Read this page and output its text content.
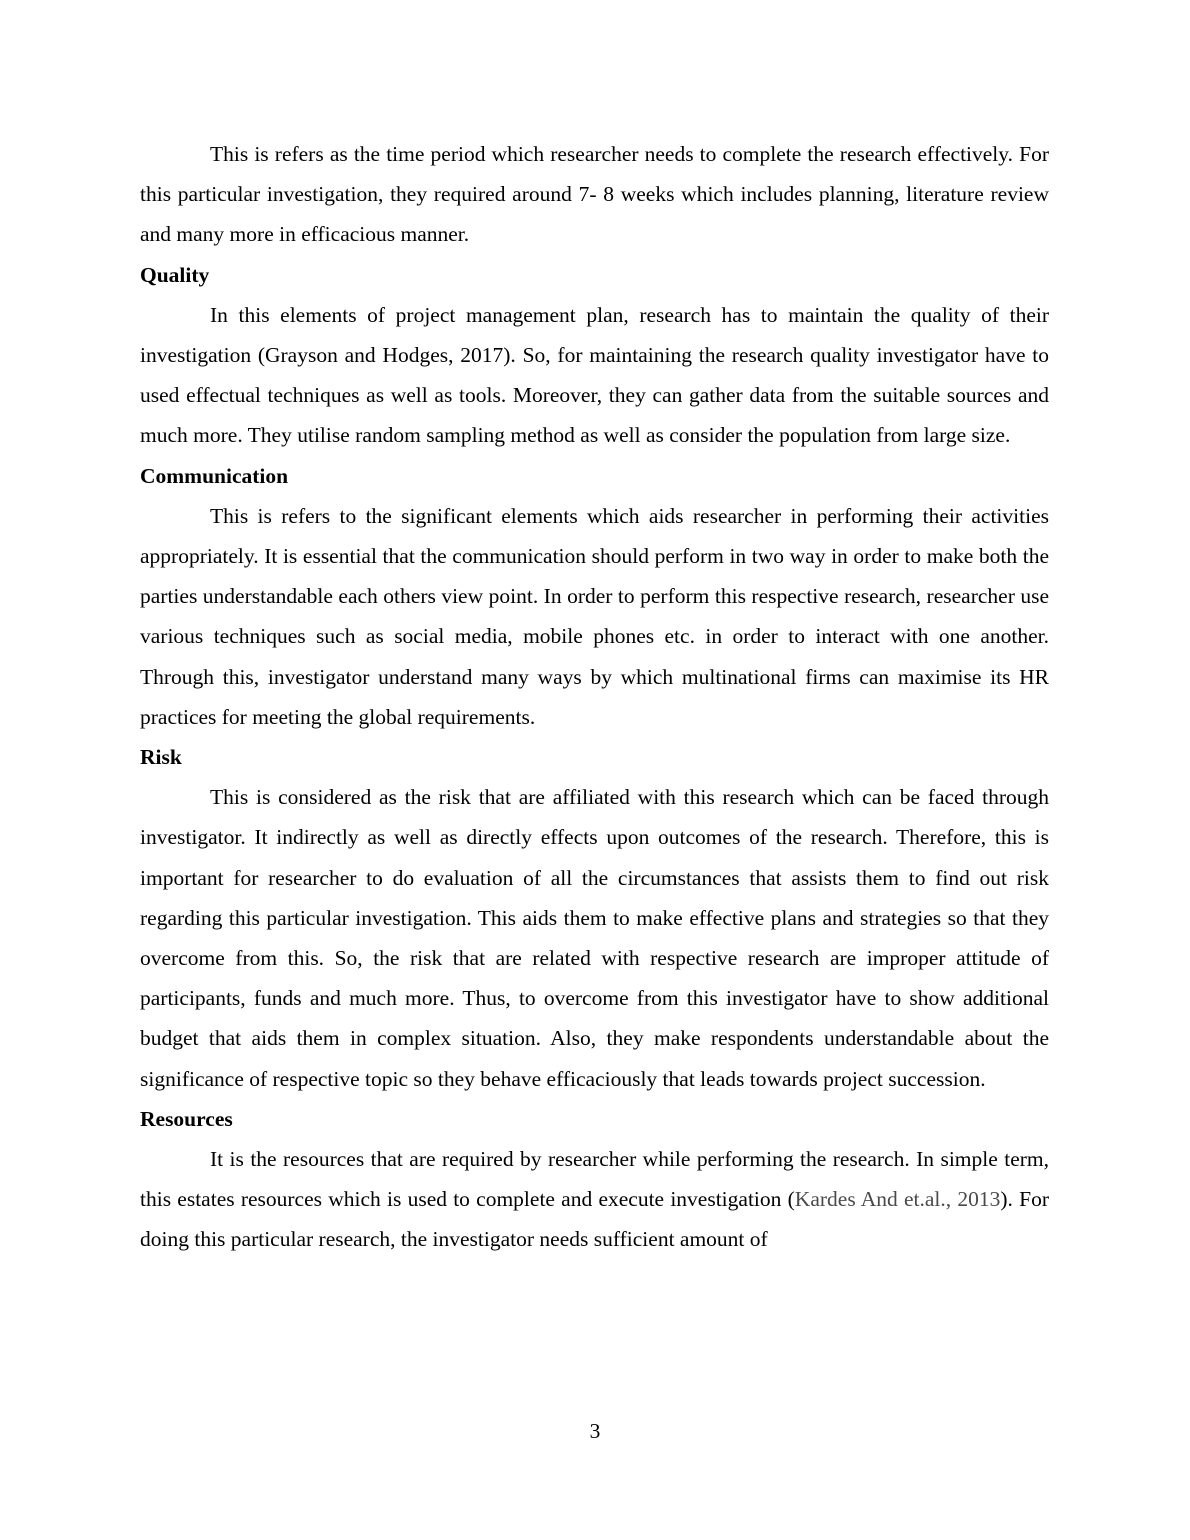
This is refers as the time period which researcher needs to complete the research effectively. For this particular investigation, they required around 7- 8 weeks which includes planning, literature review and many more in efficacious manner.

Quality

In this elements of project management plan, research has to maintain the quality of their investigation (Grayson and Hodges, 2017). So, for maintaining the research quality investigator have to used effectual techniques as well as tools. Moreover, they can gather data from the suitable sources and much more. They utilise random sampling method as well as consider the population from large size.

Communication

This is refers to the significant elements which aids researcher in performing their activities appropriately. It is essential that the communication should perform in two way in order to make both the parties understandable each others view point. In order to perform this respective research, researcher use various techniques such as social media, mobile phones etc. in order to interact with one another. Through this, investigator understand many ways by which multinational firms can maximise its HR practices for meeting the global requirements.

Risk

This is considered as the risk that are affiliated with this research which can be faced through investigator. It indirectly as well as directly effects upon outcomes of the research. Therefore, this is important for researcher to do evaluation of all the circumstances that assists them to find out risk regarding this particular investigation. This aids them to make effective plans and strategies so that they overcome from this. So, the risk that are related with respective research are improper attitude of participants, funds and much more. Thus, to overcome from this investigator have to show additional budget that aids them in complex situation. Also, they make respondents understandable about the significance of respective topic so they behave efficaciously that leads towards project succession.

Resources

It is the resources that are required by researcher while performing the research. In simple term, this estates resources which is used to complete and execute investigation (Kardes And et.al., 2013). For doing this particular research, the investigator needs sufficient amount of

3
